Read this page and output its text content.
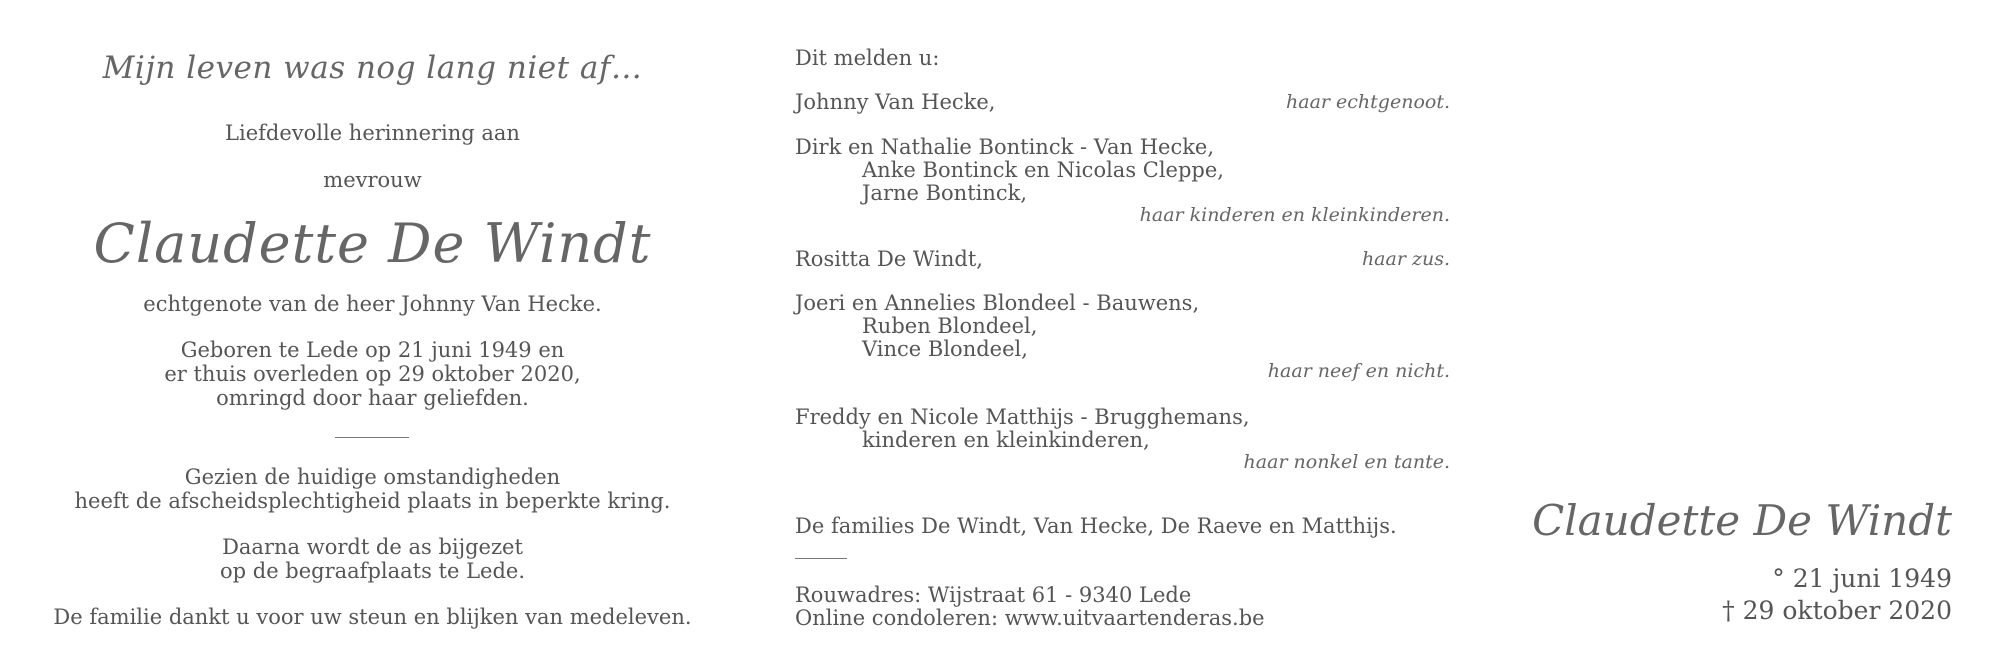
Mijn leven was nog lang niet af…
Liefdevolle herinnering aan
mevrouw
Claudette De Windt
echtgenote van de heer Johnny Van Hecke.
Geboren te Lede op 21 juni 1949 en
er thuis overleden op 29 oktober 2020,
omringd door haar geliefden.
Gezien de huidige omstandigheden
heeft de afscheidsplechtigheid plaats in beperkte kring.
Daarna wordt de as bijgezet
op de begraafplaats te Lede.
De familie dankt u voor uw steun en blijken van medeleven.
Dit melden u:
Johnny Van Hecke,	haar echtgenoot.
Dirk en Nathalie Bontinck - Van Hecke,
Anke Bontinck en Nicolas Cleppe,
Jarne Bontinck,
haar kinderen en kleinkinderen.
Rositta De Windt,	haar zus.
Joeri en Annelies Blondeel - Bauwens,
Ruben Blondeel,
Vince Blondeel,
haar neef en nicht.
Freddy en Nicole Matthijs - Brugghemans,
kinderen en kleinkinderen,
haar nonkel en tante.
De families De Windt, Van Hecke, De Raeve en Matthijs.
Rouwadres: Wijstraat 61 - 9340 Lede
Online condoleren: www.uitvaartenderas.be
Claudette De Windt
° 21 juni 1949
† 29 oktober 2020
